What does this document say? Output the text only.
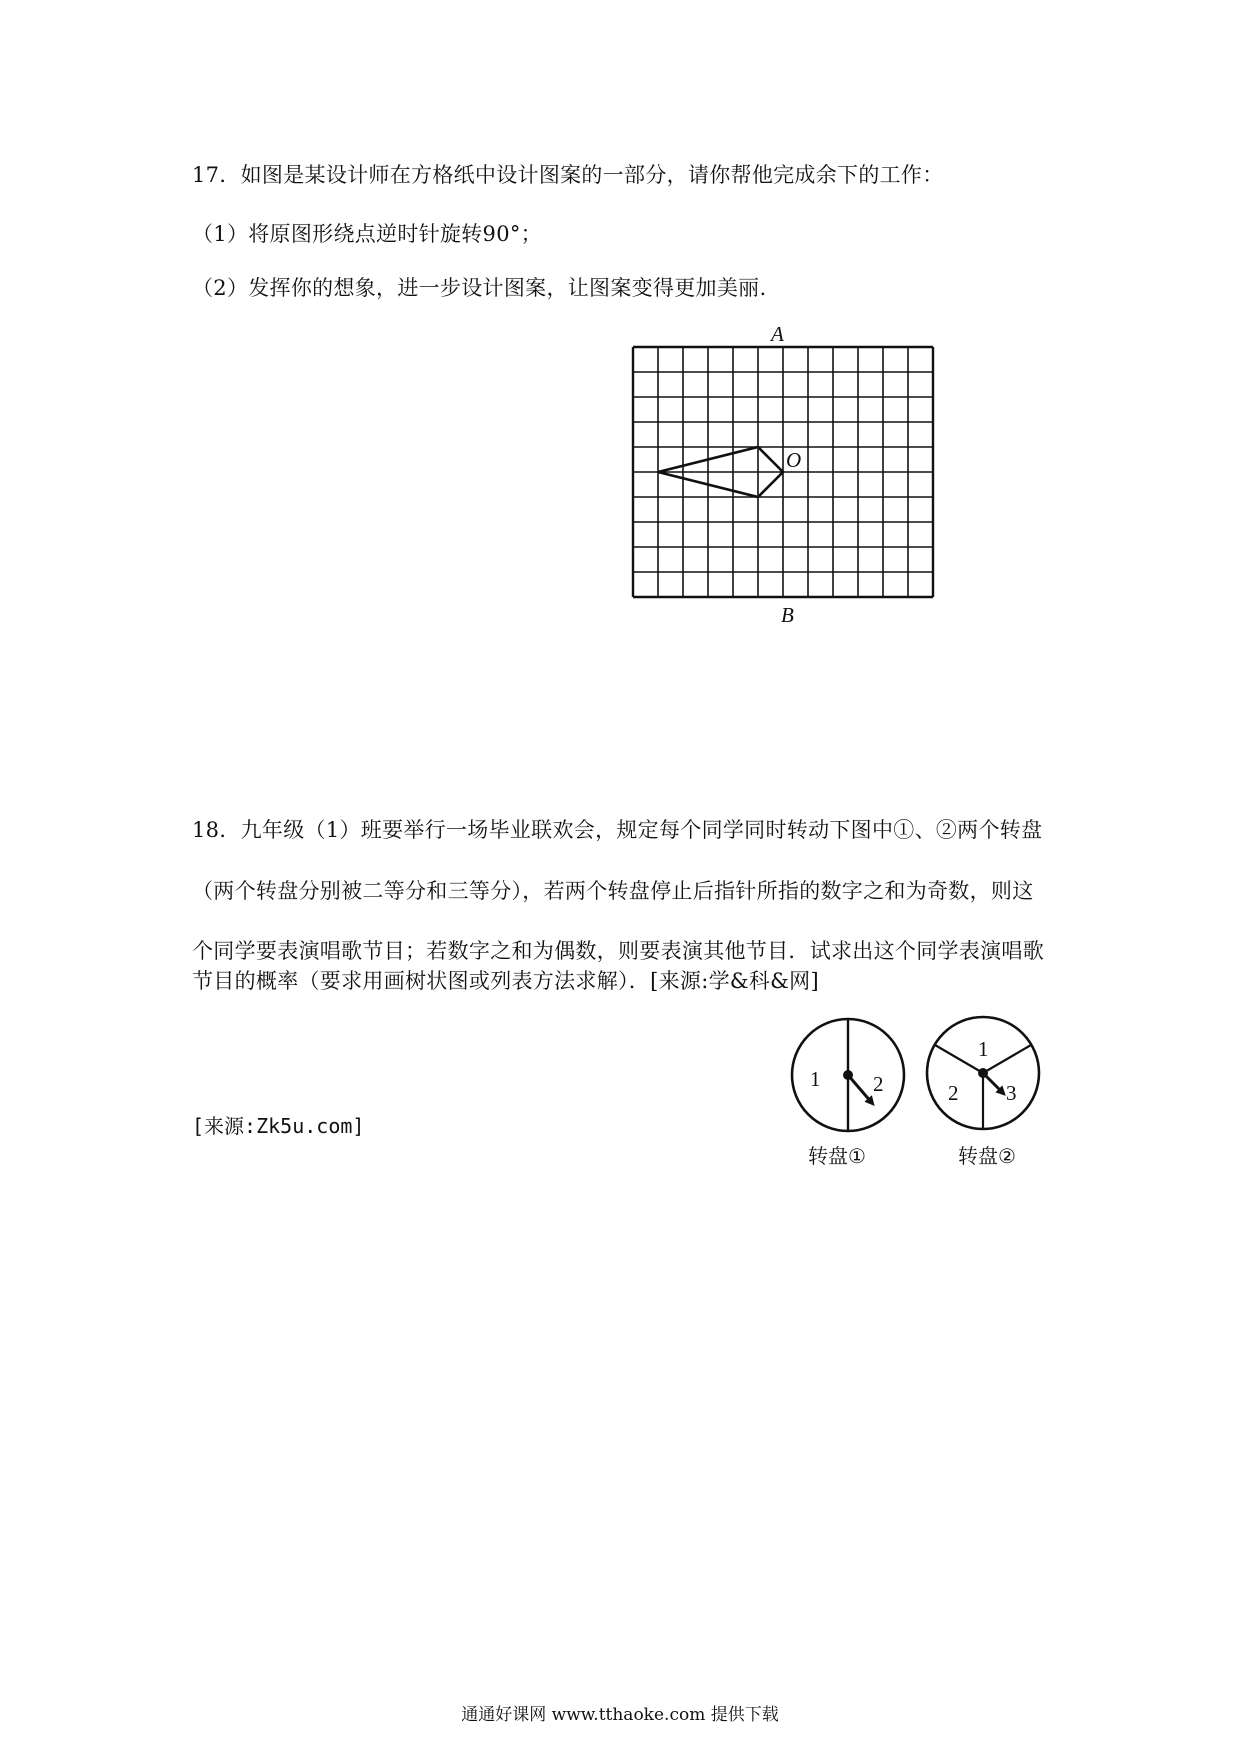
17．如图是某设计师在方格纸中设计图案的一部分，请你帮他完成余下的工作：
（1）将原图形绕点逆时针旋转90°；
（2）发挥你的想象，进一步设计图案，让图案变得更加美丽.
A
O
B
18．九年级（1）班要举行一场毕业联欢会，规定每个同学同时转动下图中①、②两个转盘
（两个转盘分别被二等分和三等分），若两个转盘停止后指针所指的数字之和为奇数，则这
个同学要表演唱歌节目；若数字之和为偶数，则要表演其他节目．试求出这个同学表演唱歌
节目的概率（要求用画树状图或列表方法求解）．[来源:学&科&网]
[来源:Zk5u.com]
1	2
转盘①
1
2 3
转盘②
通通好课网 www.tthaoke.com 提供下载
